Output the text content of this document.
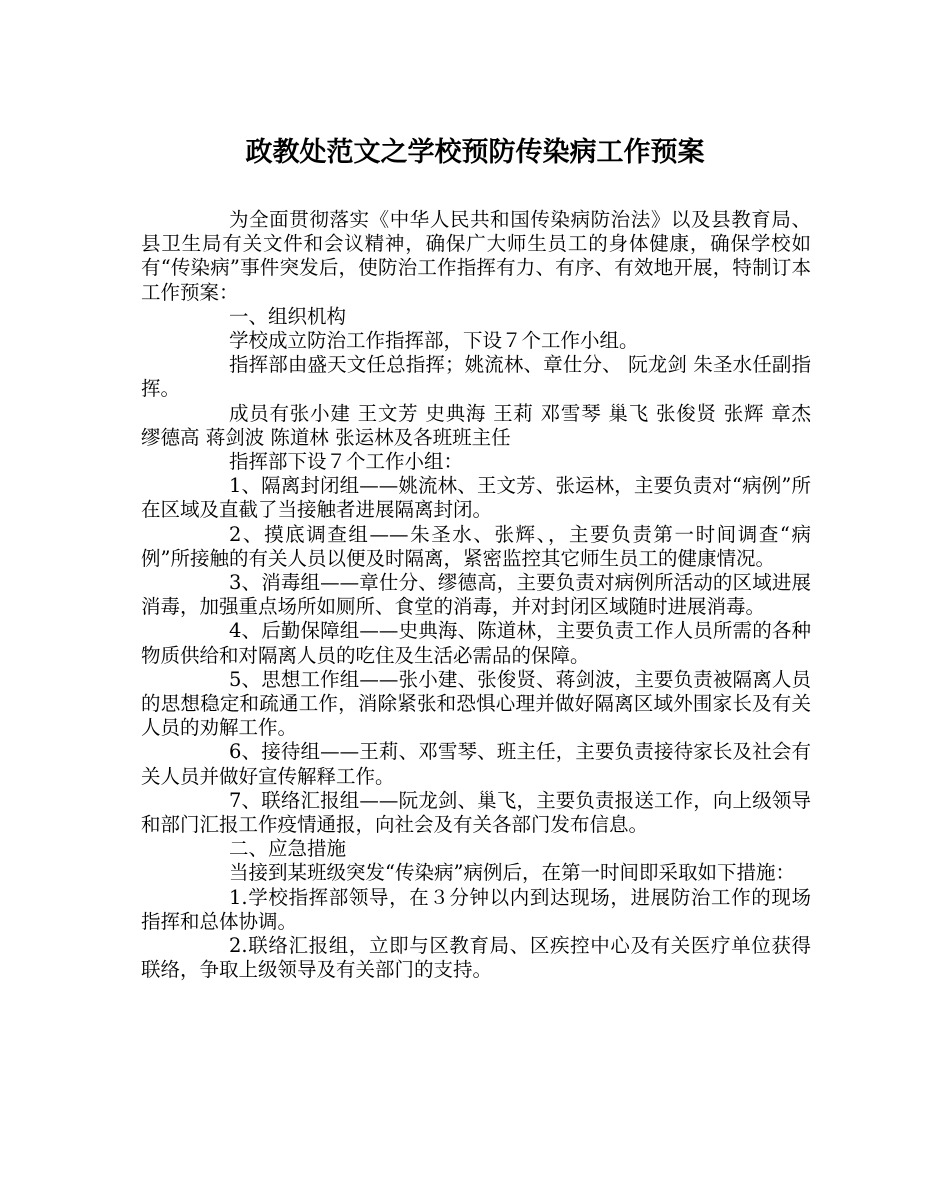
政教处范文之学校预防传染病工作预案

为全面贯彻落实《中华人民共和国传染病防治法》以及县教育局、县卫生局有关文件和会议精神，确保广大师生员工的身体健康，确保学校如有“传染病”事件突发后，使防治工作指挥有力、有序、有效地开展，特制订本工作预案：

一、组织机构

学校成立防治工作指挥部，下设７个工作小组。

指挥部由盛天文任总指挥；姚流林、章仕分、 阮龙剑 朱圣水任副指挥。

成员有张小建 王文芳 史典海 王莉 邓雪琴 巢飞 张俊贤 张辉 章杰 缪德高 蒋剑波 陈道林 张运林及各班班主任

指挥部下设７个工作小组：

1、隔离封闭组——姚流林、王文芳、张运林，主要负责对“病例”所在区域及直截了当接触者进展隔离封闭。

2、摸底调查组——朱圣水、张辉、，主要负责第一时间调查“病例”所接触的有关人员以便及时隔离，紧密监控其它师生员工的健康情况。

3、消毒组——章仕分、缪德高，主要负责对病例所活动的区域进展消毒，加强重点场所如厕所、食堂的消毒，并对封闭区域随时进展消毒。

4、后勤保障组——史典海、陈道林，主要负责工作人员所需的各种物质供给和对隔离人员的吃住及生活必需品的保障。

5、思想工作组——张小建、张俊贤、蒋剑波，主要负责被隔离人员的思想稳定和疏通工作，消除紧张和恐惧心理并做好隔离区域外围家长及有关人员的劝解工作。

6、接待组——王莉、邓雪琴、班主任，主要负责接待家长及社会有关人员并做好宣传解释工作。

7、联络汇报组——阮龙剑、巢飞，主要负责报送工作，向上级领导和部门汇报工作疫情通报，向社会及有关各部门发布信息。

二、应急措施

当接到某班级突发“传染病”病例后，在第一时间即采取如下措施：

1.学校指挥部领导，在３分钟以内到达现场，进展防治工作的现场指挥和总体协调。

2.联络汇报组，立即与区教育局、区疾控中心及有关医疗单位获得联络，争取上级领导及有关部门的支持。
